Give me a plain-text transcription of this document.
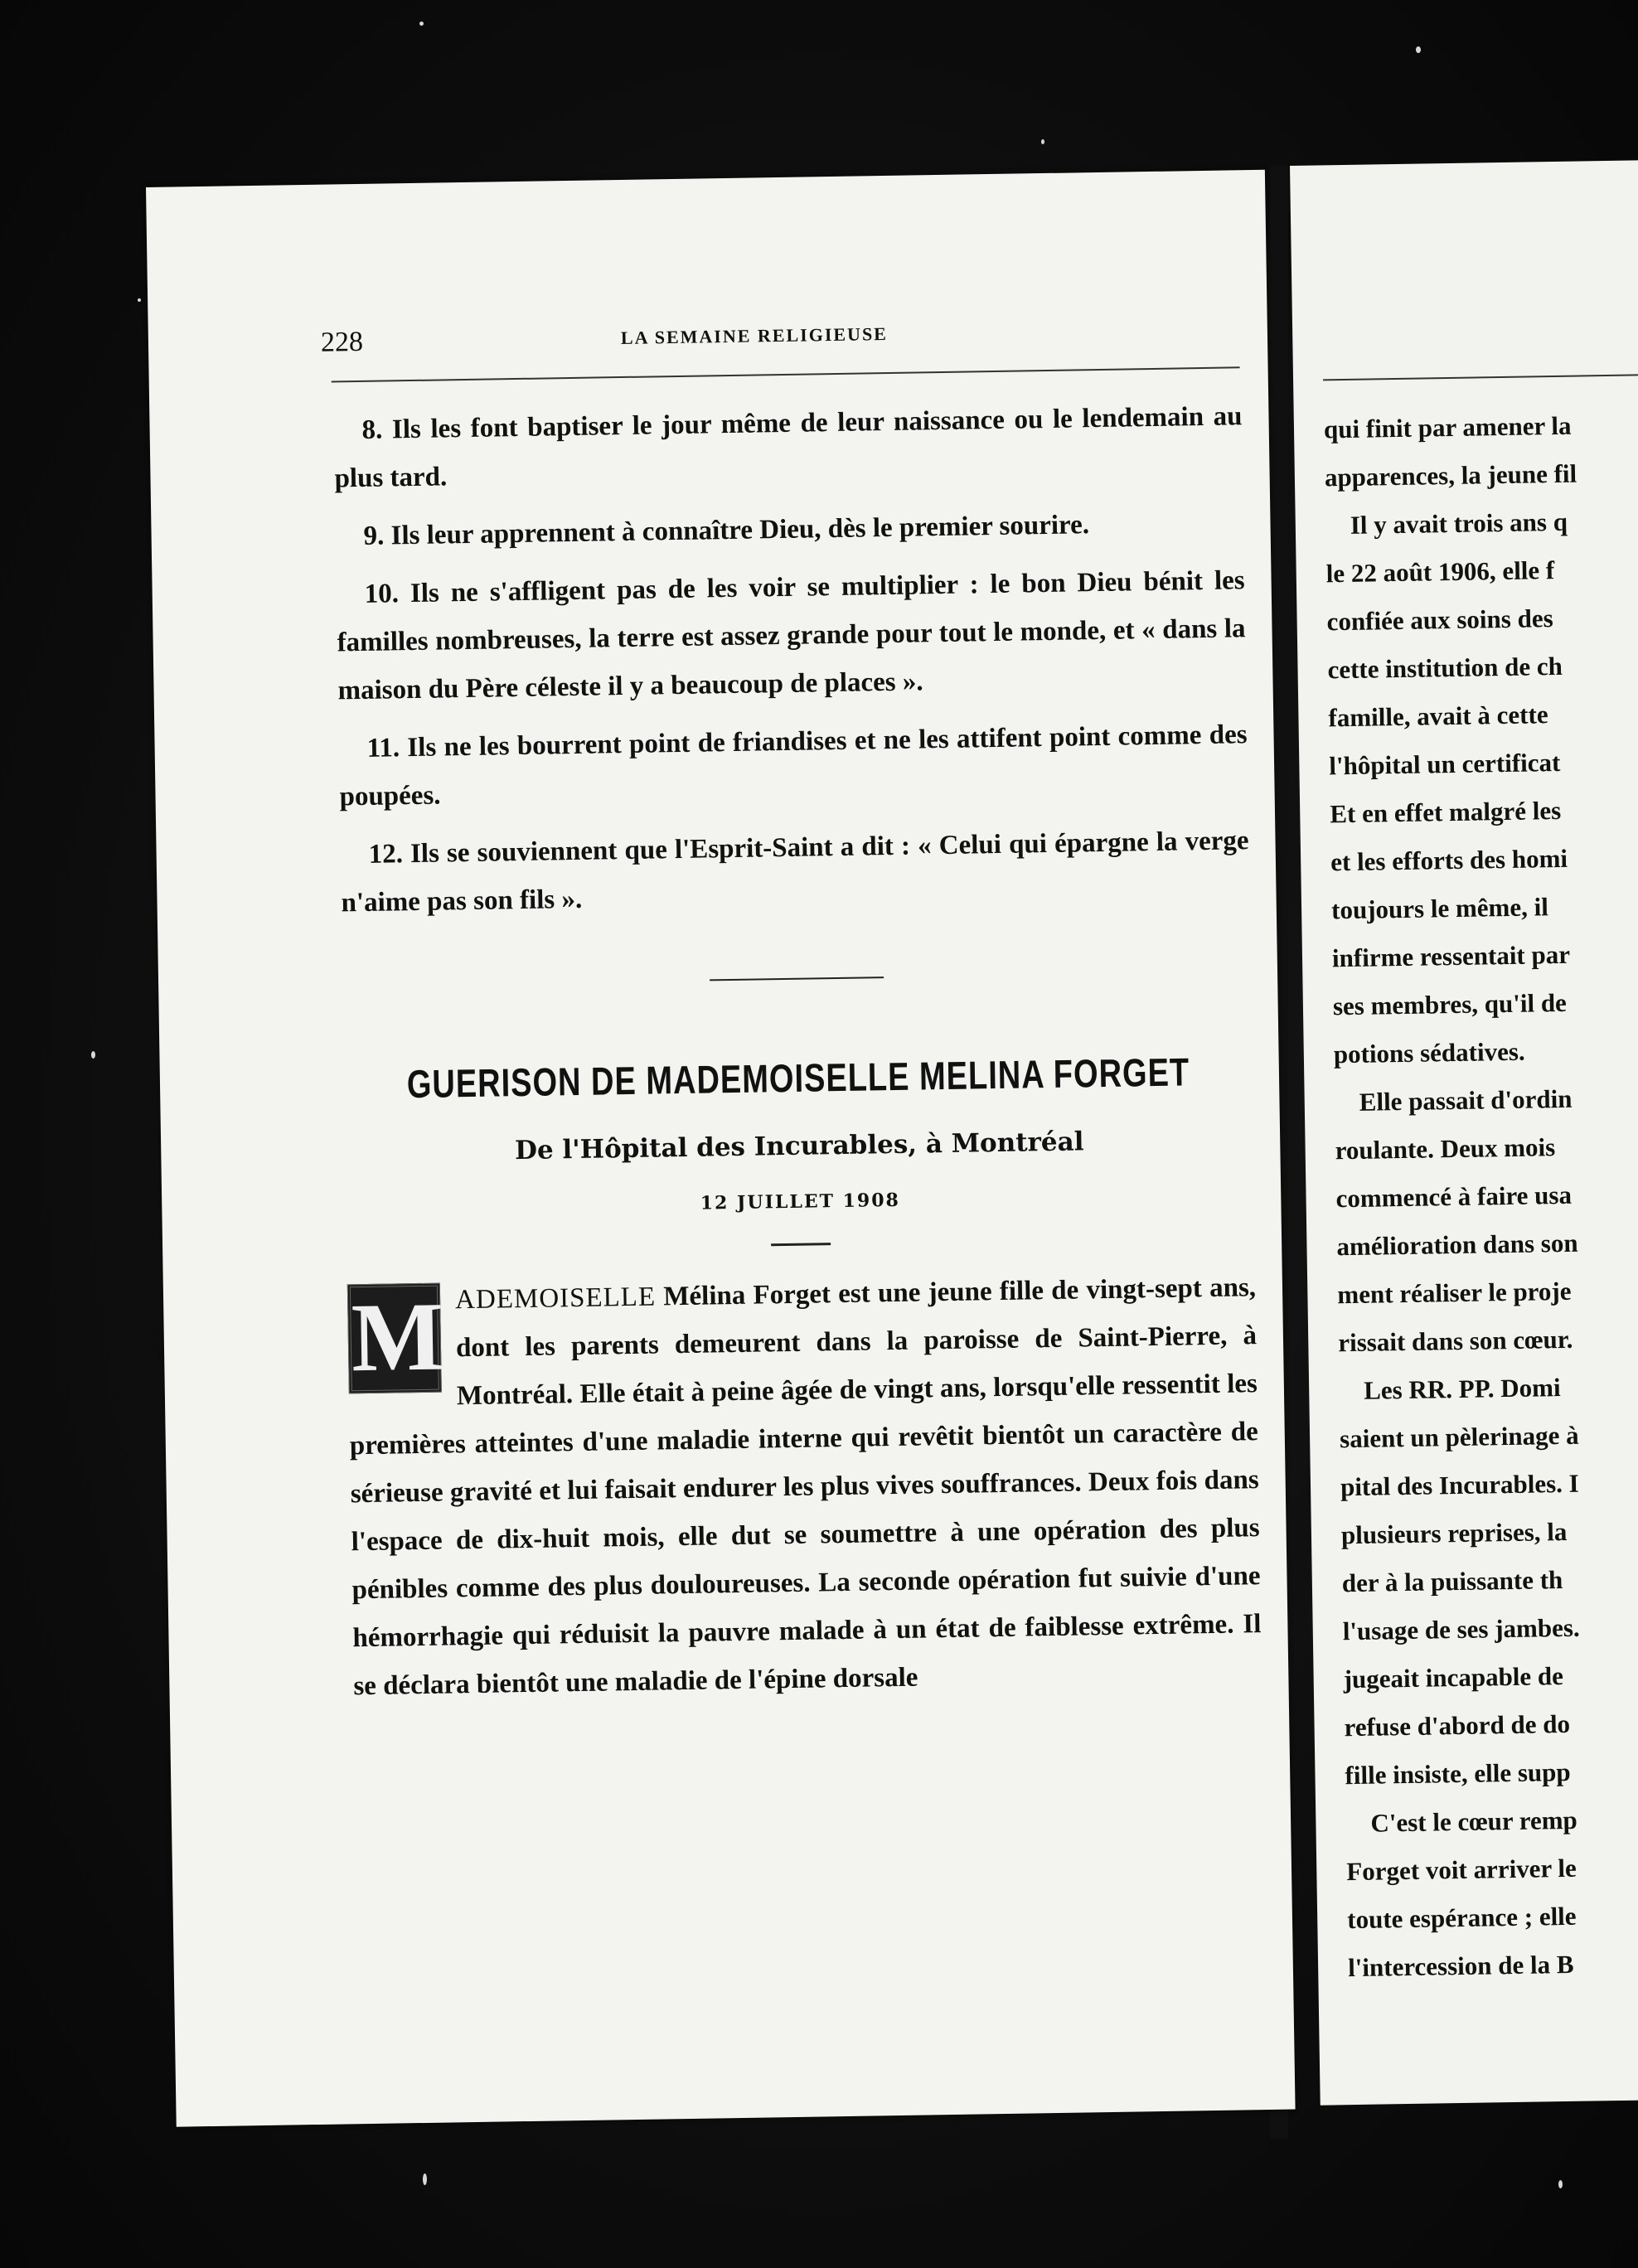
228	LA SEMAINE RELIGIEUSE

8. Ils les font baptiser le jour même de leur naissance ou le lendemain au plus tard.

9. Ils leur apprennent à connaître Dieu, dès le premier sourire.

10. Ils ne s'affligent pas de les voir se multiplier : le bon Dieu bénit les familles nombreuses, la terre est assez grande pour tout le monde, et « dans la maison du Père céleste il y a beaucoup de places ».

11. Ils ne les bourrent point de friandises et ne les attifent point comme des poupées.

12. Ils se souviennent que l'Esprit-Saint a dit : « Celui qui épargne la verge n'aime pas son fils ».

GUERISON DE MADEMOISELLE MELINA FORGET
De l'Hôpital des Incurables, à Montréal
12 JUILLET 1908

M ADEMOISELLE Mélina Forget est une jeune fille de vingt-sept ans, dont les parents demeurent dans la paroisse de Saint-Pierre, à Montréal. Elle était à peine âgée de vingt ans, lorsqu'elle ressentit les premières atteintes d'une maladie interne qui revêtit bientôt un caractère de sérieuse gravité et lui faisait endurer les plus vives souffrances. Deux fois dans l'espace de dix-huit mois, elle dut se soumettre à une opération des plus pénibles comme des plus douloureuses. La seconde opération fut suivie d'une hémorrhagie qui réduisit la pauvre malade à un état de faiblesse extrême. Il se déclara bientôt une maladie de l'épine dorsale

qui finit par amener la
apparences, la jeune fil
Il y avait trois ans q
le 22 août 1906, elle f
confiée aux soins des
cette institution de ch
famille, avait à cette
l'hôpital un certificat
Et en effet malgré les
et les efforts des homi
toujours le même, il
infirme ressentait par
ses membres, qu'il de
potions sédatives.
Elle passait d'ordin
roulante. Deux mois
commencé à faire usa
amélioration dans son
ment réaliser le proje
rissait dans son cœur.
Les RR. PP. Domi
saient un pèlerinage à
pital des Incurables. I
plusieurs reprises, la
der à la puissante th
l'usage de ses jambes.
jugeait incapable de
refuse d'abord de do
fille insiste, elle supp
C'est le cœur remp
Forget voit arriver le
toute espérance ; elle
l'intercession de la B
